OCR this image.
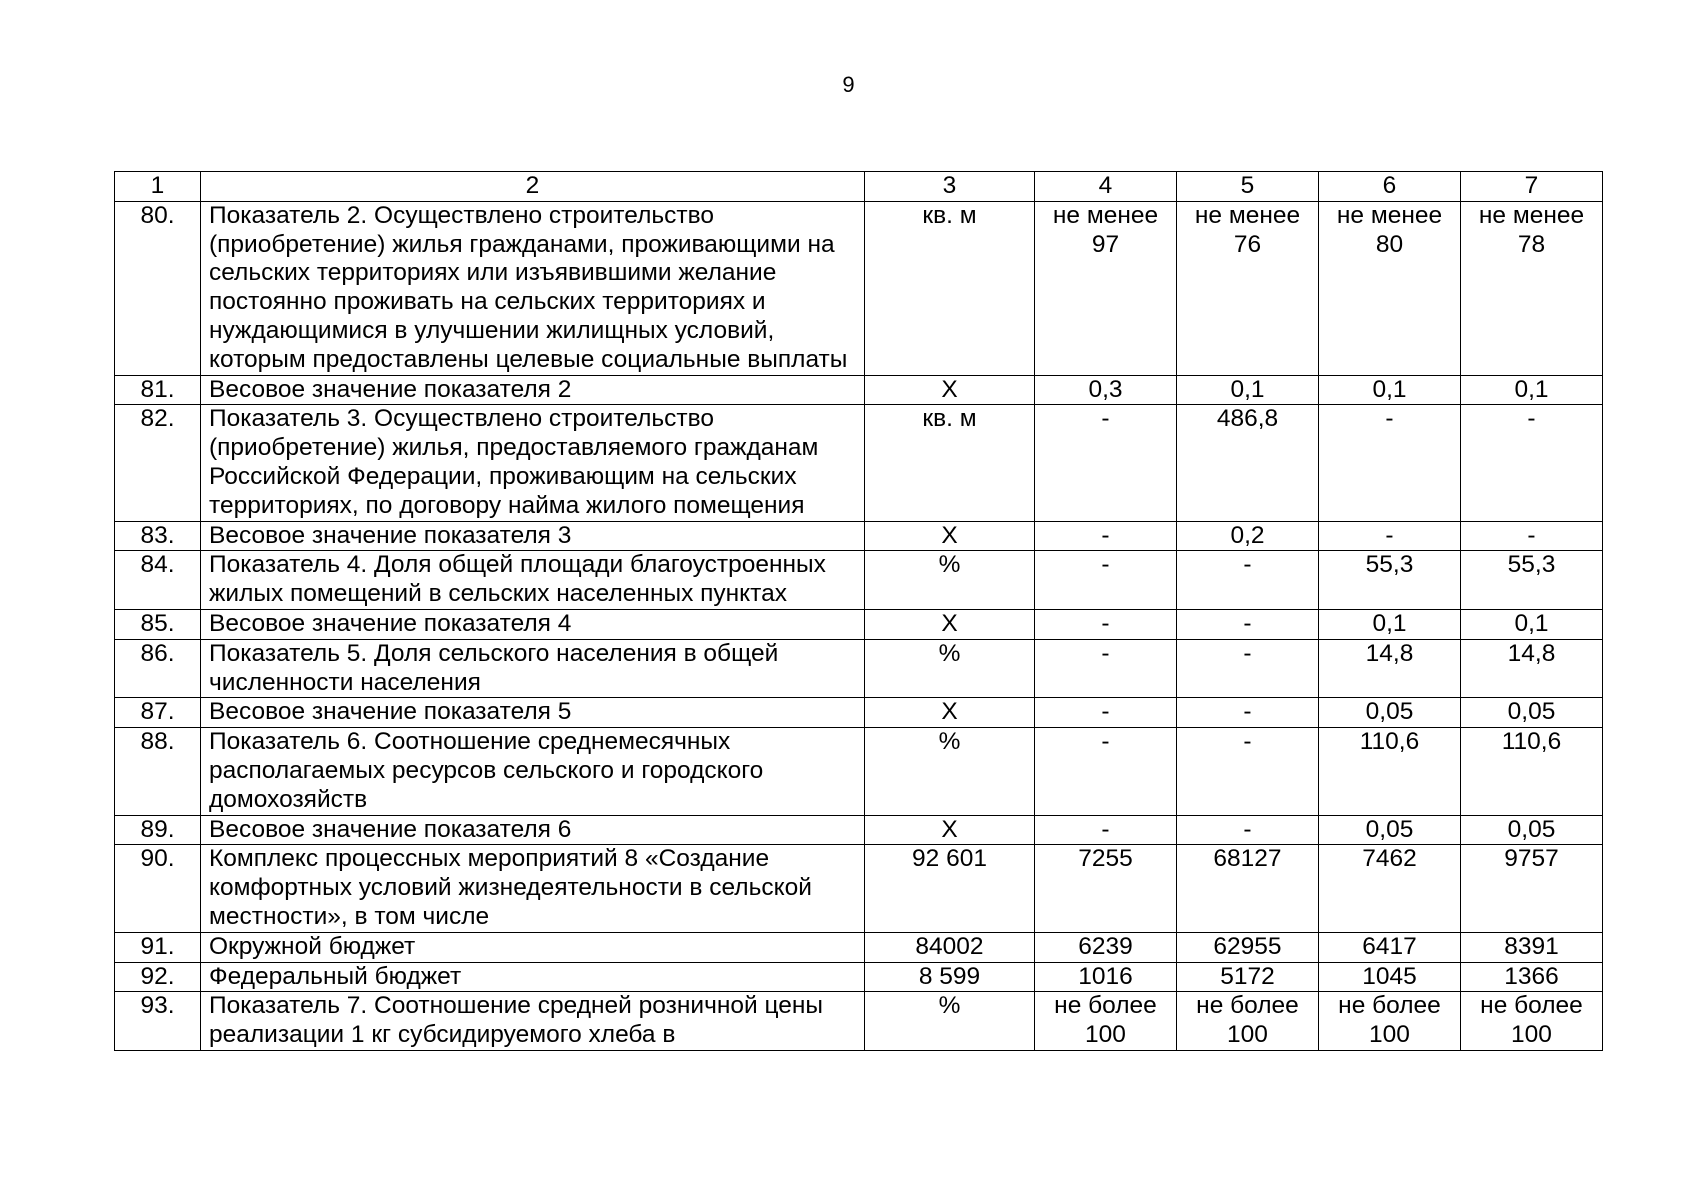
9
1	2	3	4	5	6	7
80.	Показатель 2. Осуществлено строительство (приобретение) жилья гражданами, проживающими на сельских территориях или изъявившими желание постоянно проживать на сельских территориях и нуждающимися в улучшении жилищных условий, которым предоставлены целевые социальные выплаты	кв. м	не менее 97	не менее 76	не менее 80	не менее 78
81.	Весовое значение показателя 2	Х	0,3	0,1	0,1	0,1
82.	Показатель 3. Осуществлено строительство (приобретение) жилья, предоставляемого гражданам Российской Федерации, проживающим на сельских территориях, по договору найма жилого помещения	кв. м	-	486,8	-	-
83.	Весовое значение показателя 3	Х	-	0,2	-	-
84.	Показатель 4. Доля общей площади благоустроенных жилых помещений в сельских населенных пунктах	%	-	-	55,3	55,3
85.	Весовое значение показателя 4	Х	-	-	0,1	0,1
86.	Показатель 5. Доля сельского населения в общей численности населения	%	-	-	14,8	14,8
87.	Весовое значение показателя 5	Х	-	-	0,05	0,05
88.	Показатель 6. Соотношение среднемесячных располагаемых ресурсов сельского и городского домохозяйств	%	-	-	110,6	110,6
89.	Весовое значение показателя 6	Х	-	-	0,05	0,05
90.	Комплекс процессных мероприятий 8 «Создание комфортных условий жизнедеятельности в сельской местности», в том числе	92 601	7255	68127	7462	9757
91.	Окружной бюджет	84002	6239	62955	6417	8391
92.	Федеральный бюджет	8 599	1016	5172	1045	1366
93.	Показатель 7. Соотношение средней розничной цены реализации 1 кг субсидируемого хлеба в	%	не более 100	не более 100	не более 100	не более 100
